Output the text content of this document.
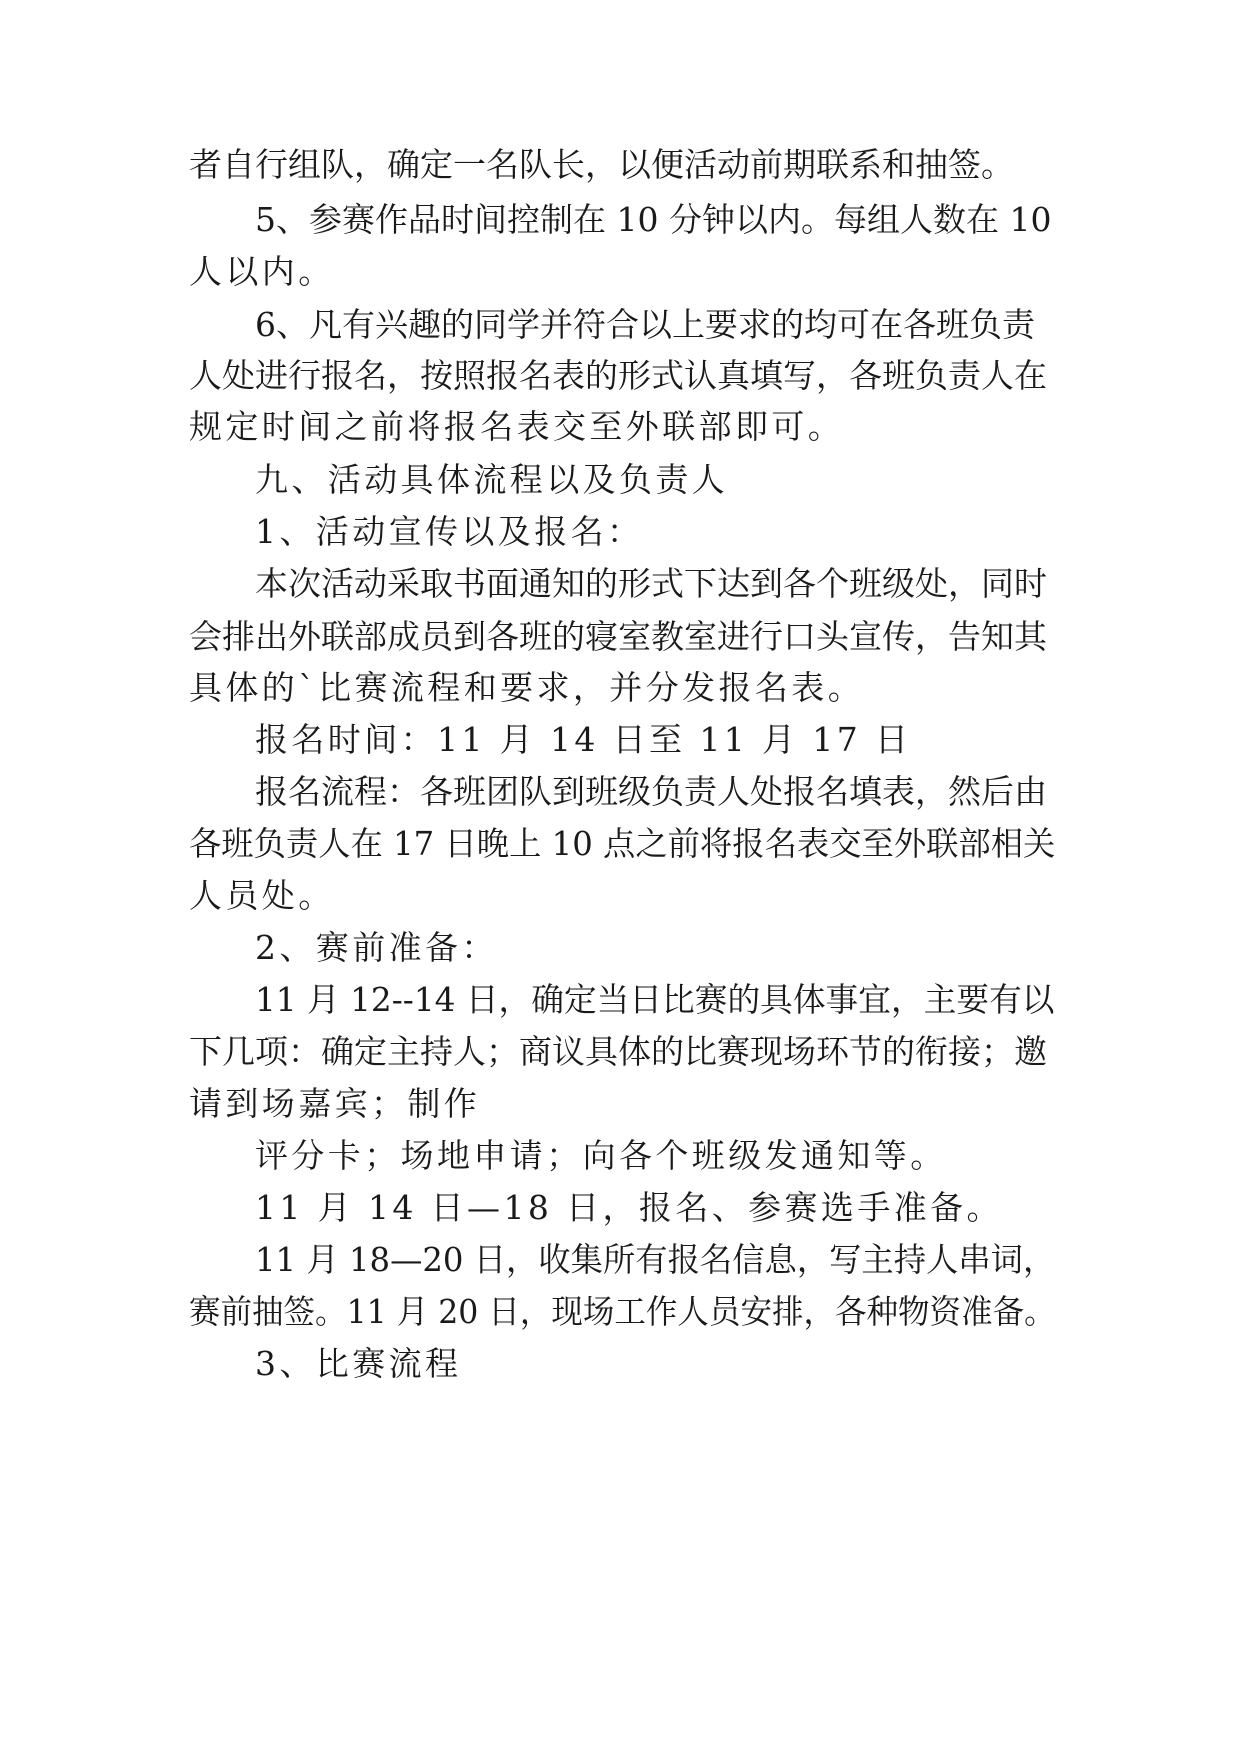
者自行组队，确定一名队长，以便活动前期联系和抽签。
5、参赛作品时间控制在 10 分钟以内。每组人数在 10
人以内。
6、凡有兴趣的同学并符合以上要求的均可在各班负责
人处进行报名，按照报名表的形式认真填写，各班负责人在
规定时间之前将报名表交至外联部即可。
九、活动具体流程以及负责人
1、活动宣传以及报名：
本次活动采取书面通知的形式下达到各个班级处，同时
会排出外联部成员到各班的寝室教室进行口头宣传，告知其
具体的`比赛流程和要求，并分发报名表。
报名时间：11 月 14 日至 11 月 17 日
报名流程：各班团队到班级负责人处报名填表，然后由
各班负责人在 17 日晚上 10 点之前将报名表交至外联部相关
人员处。
2、赛前准备：
11 月 12--14 日，确定当日比赛的具体事宜，主要有以
下几项：确定主持人；商议具体的比赛现场环节的衔接；邀
请到场嘉宾；制作
评分卡；场地申请；向各个班级发通知等。
11 月 14 日—18 日，报名、参赛选手准备。
11 月 18—20 日，收集所有报名信息，写主持人串词，
赛前抽签。11 月 20 日，现场工作人员安排，各种物资准备。
3、比赛流程
